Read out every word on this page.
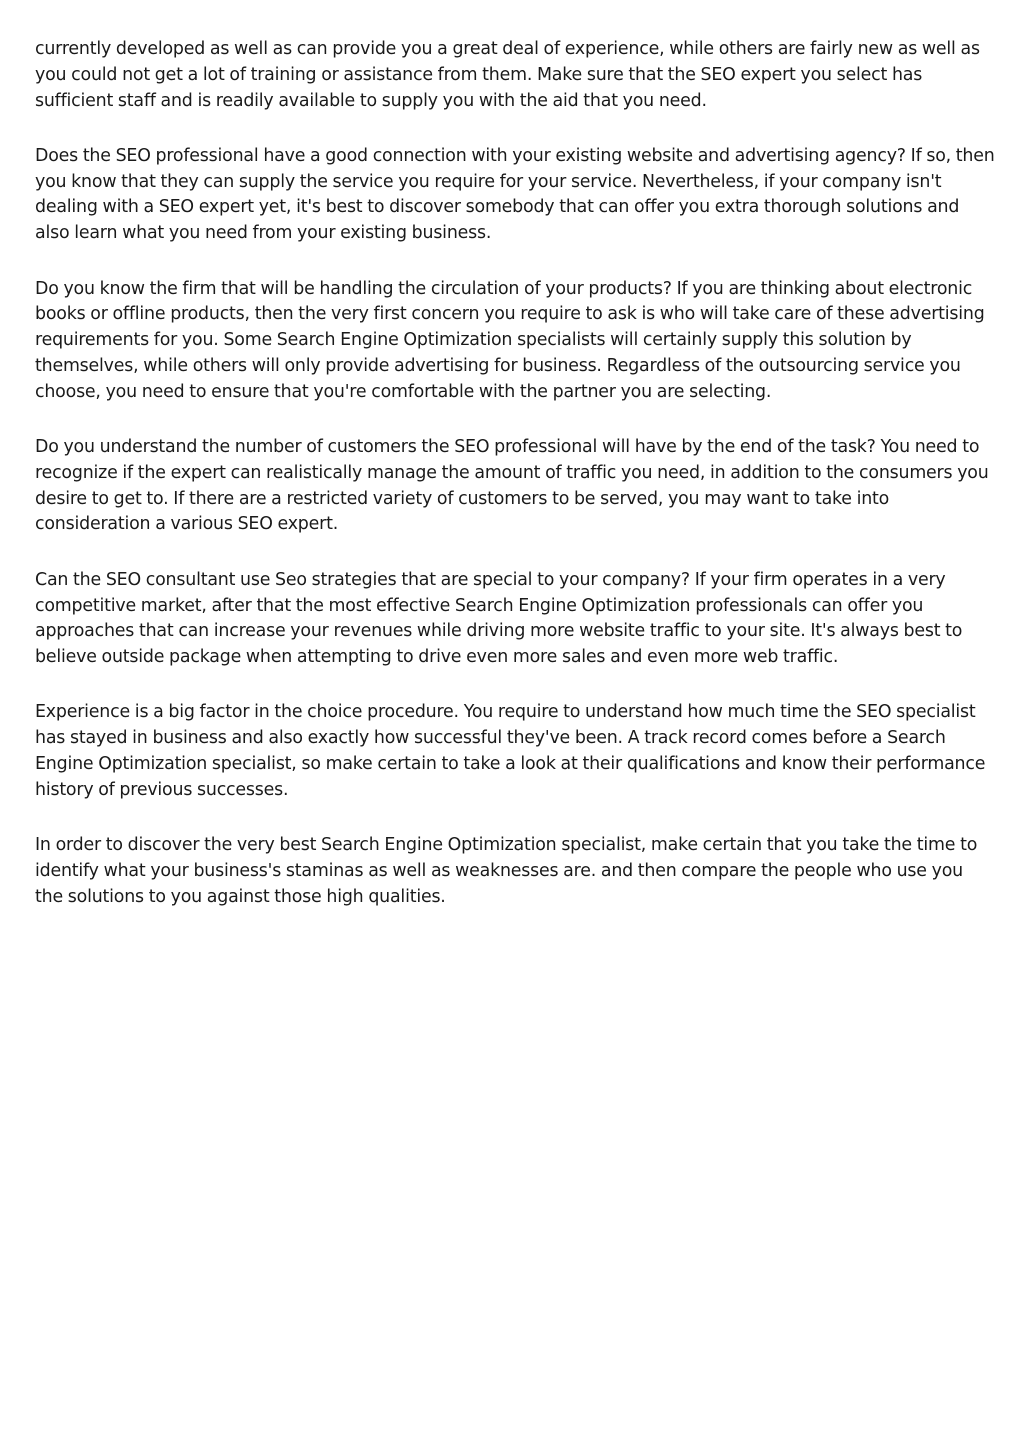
currently developed as well as can provide you a great deal of experience, while others are fairly new as well as you could not get a lot of training or assistance from them. Make sure that the SEO expert you select has sufficient staff and is readily available to supply you with the aid that you need.

Does the SEO professional have a good connection with your existing website and advertising agency? If so, then you know that they can supply the service you require for your service. Nevertheless, if your company isn't dealing with a SEO expert yet, it's best to discover somebody that can offer you extra thorough solutions and also learn what you need from your existing business.

Do you know the firm that will be handling the circulation of your products? If you are thinking about electronic books or offline products, then the very first concern you require to ask is who will take care of these advertising requirements for you. Some Search Engine Optimization specialists will certainly supply this solution by themselves, while others will only provide advertising for business. Regardless of the outsourcing service you choose, you need to ensure that you're comfortable with the partner you are selecting.

Do you understand the number of customers the SEO professional will have by the end of the task? You need to recognize if the expert can realistically manage the amount of traffic you need, in addition to the consumers you desire to get to. If there are a restricted variety of customers to be served, you may want to take into consideration a various SEO expert.

Can the SEO consultant use Seo strategies that are special to your company? If your firm operates in a very competitive market, after that the most effective Search Engine Optimization professionals can offer you approaches that can increase your revenues while driving more website traffic to your site. It's always best to believe outside package when attempting to drive even more sales and even more web traffic.

Experience is a big factor in the choice procedure. You require to understand how much time the SEO specialist has stayed in business and also exactly how successful they've been. A track record comes before a Search Engine Optimization specialist, so make certain to take a look at their qualifications and know their performance history of previous successes.

In order to discover the very best Search Engine Optimization specialist, make certain that you take the time to identify what your business's staminas as well as weaknesses are. and then compare the people who use you the solutions to you against those high qualities.
